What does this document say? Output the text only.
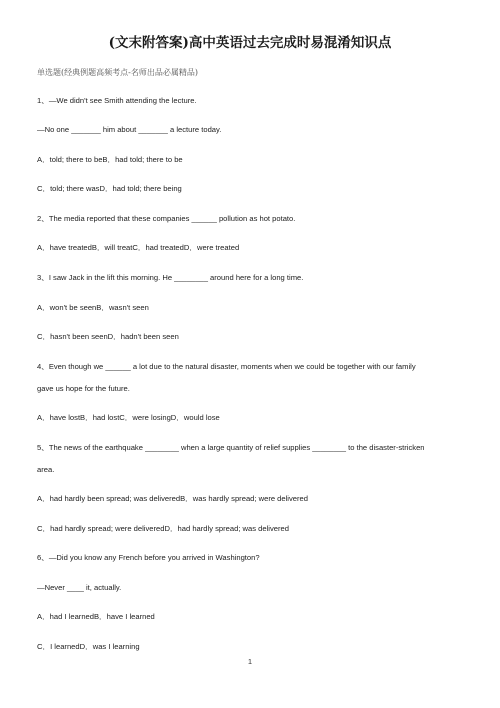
(文末附答案)高中英语过去完成时易混淆知识点
单选题(经典例题高频考点-名师出品必属精品)
1、—We didn't see Smith attending the lecture.
—No one _______ him about _______ a lecture today.
A．told; there to beB．had told; there to be
C．told; there wasD．had told; there being
2、The media reported that these companies ______ pollution as hot potato.
A．have treatedB．will treatC．had treatedD．were treated
3、I saw Jack in the lift this morning. He ________ around here for a long time.
A．won't be seenB．wasn't seen
C．hasn't been seenD．hadn't been seen
4、Even though we ______ a lot due to the natural disaster, moments when we could be together with our family
gave us hope for the future.
A．have lostB．had lostC．were losingD．would lose
5、The news of the earthquake ________ when a large quantity of relief supplies ________ to the disaster-stricken
area.
A．had hardly been spread; was deliveredB．was hardly spread; were delivered
C．had hardly spread; were deliveredD．had hardly spread; was delivered
6、—Did you know any French before you arrived in Washington?
—Never ____ it, actually.
A．had I learnedB．have I learned
C．I learnedD．was I learning
1
